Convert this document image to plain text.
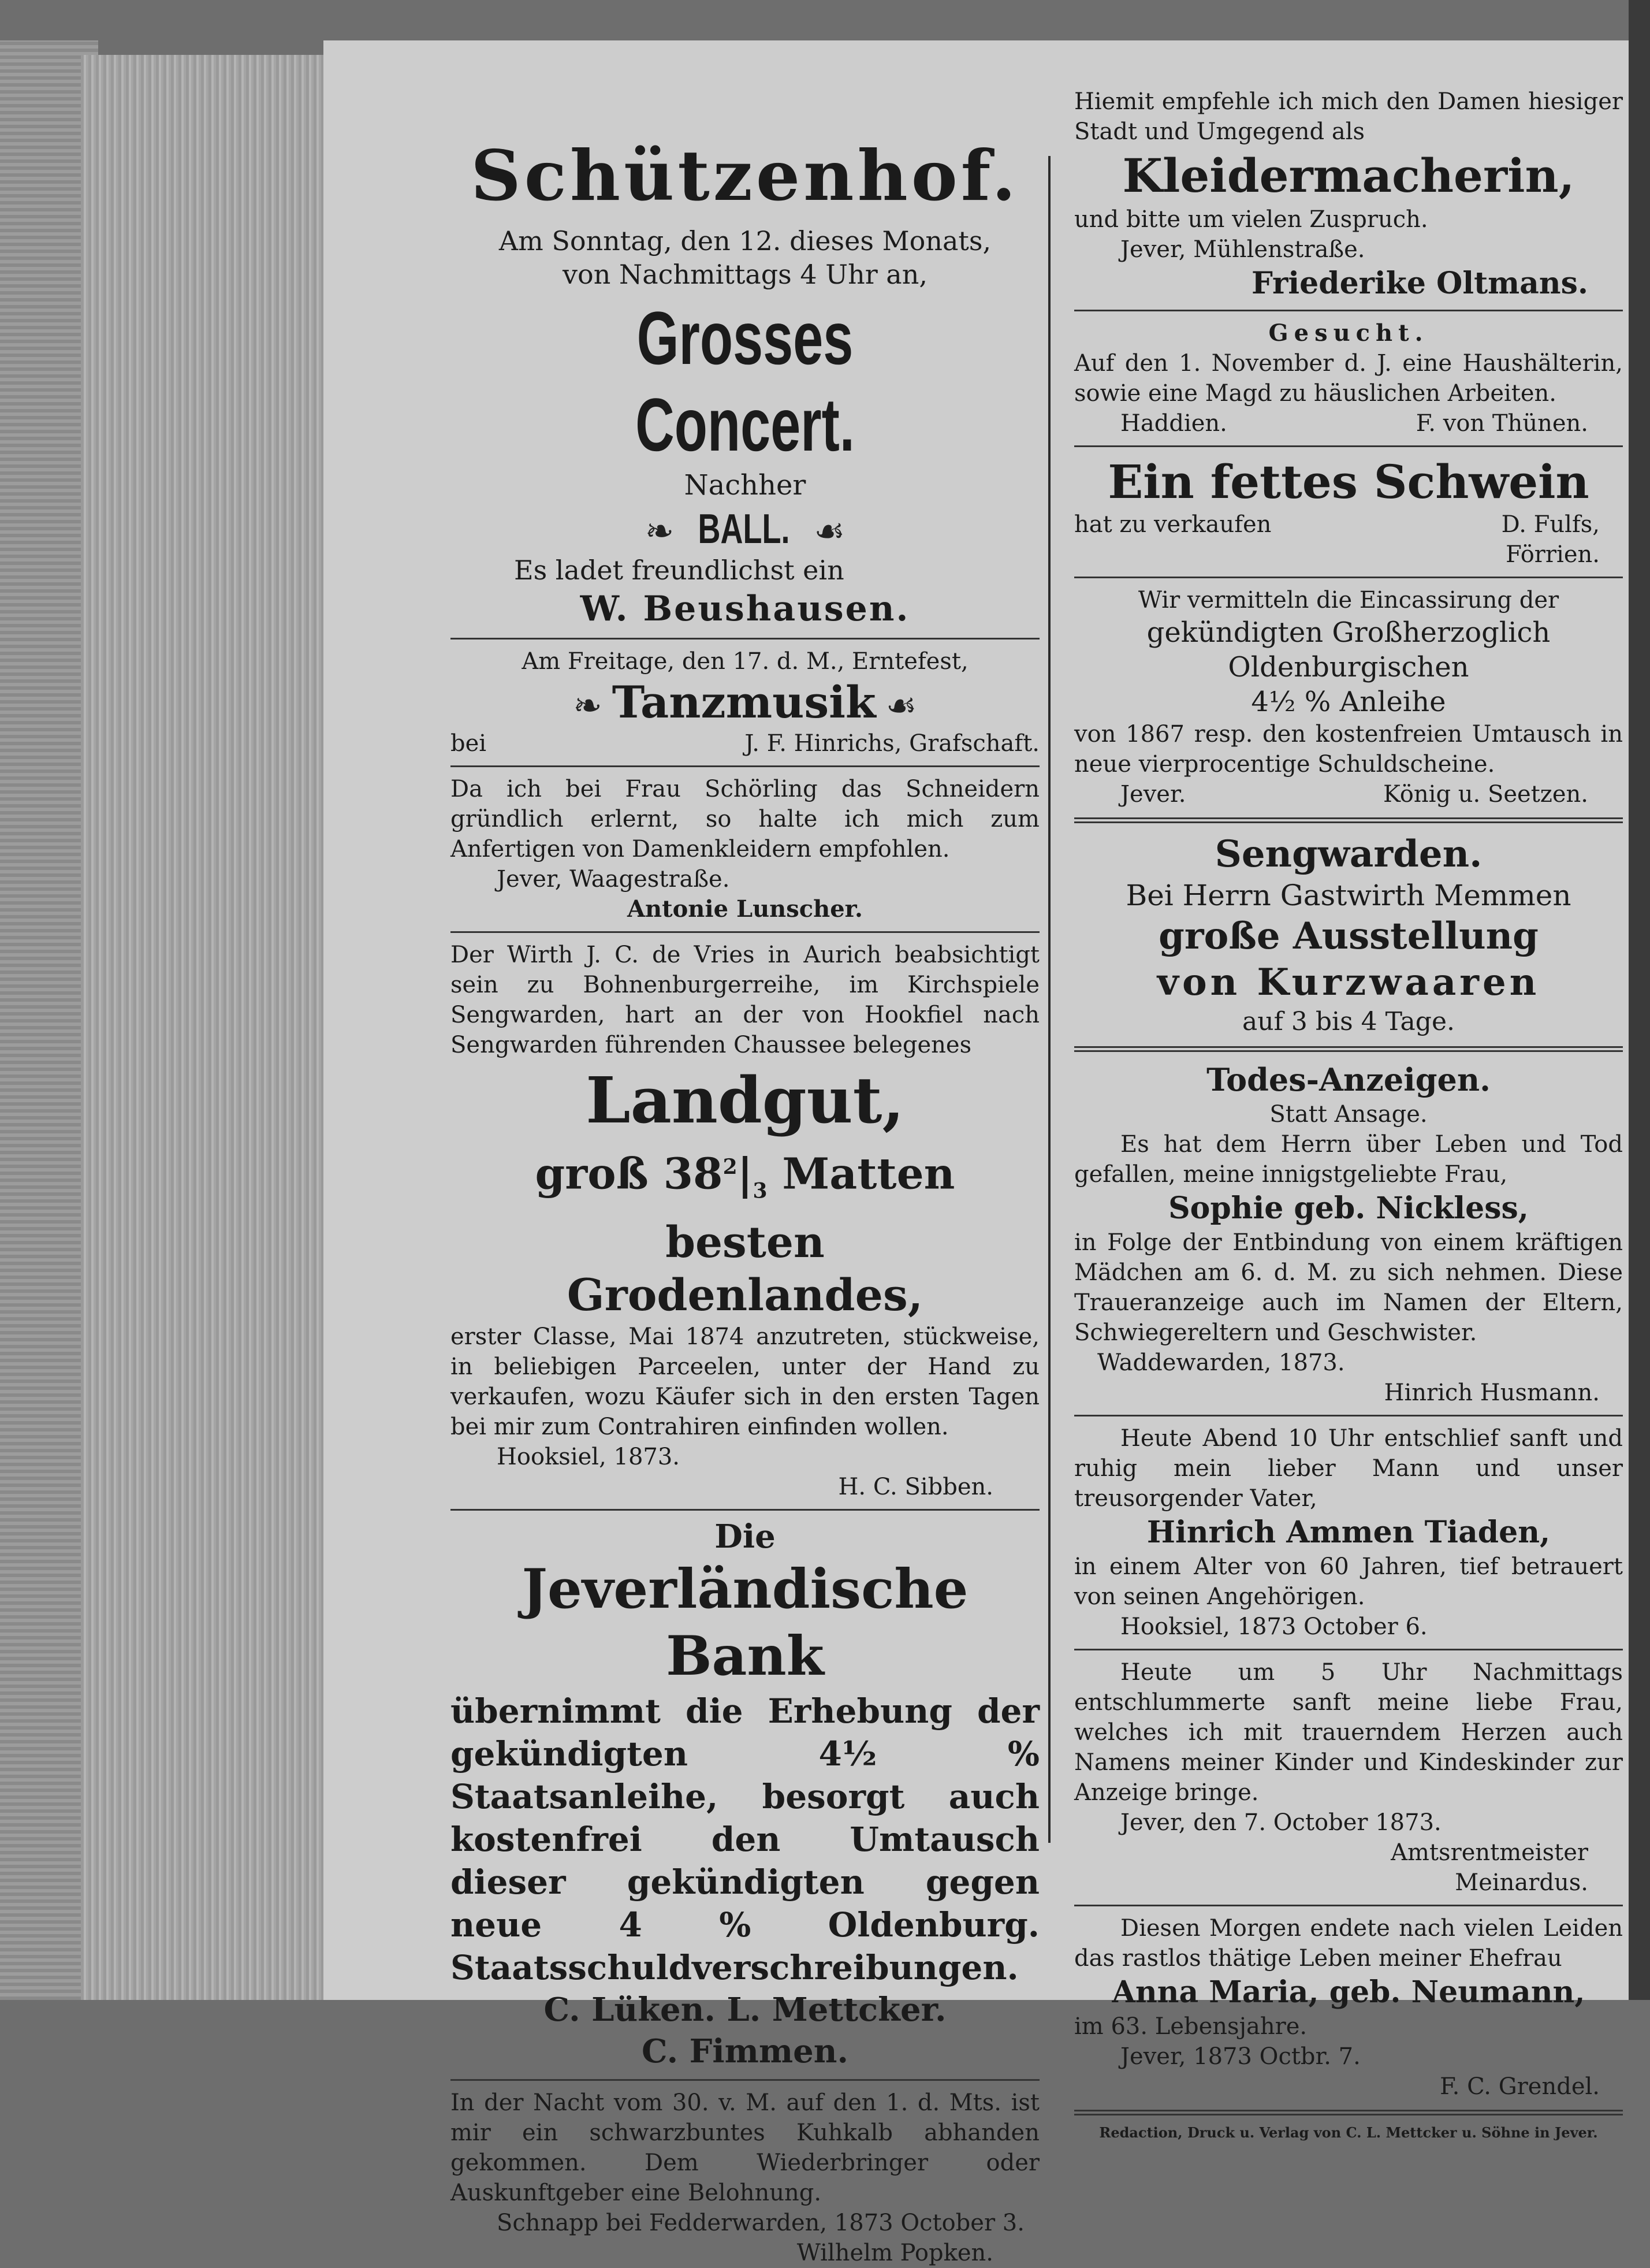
Schützenhof.
Am Sonntag, den 12. dieses Monats,
von Nachmittags 4 Uhr an,
Grosses Concert.
Nachher
❧ BALL. ☙
Es ladet freundlichst ein
W. Beushausen.
Am Freitage, den 17. d. M., Erntefest,
❧ Tanzmusik ☙
bei	J. F. Hinrichs, Grafschaft.
Da ich bei Frau Schörling das Schneidern gründlich erlernt, so halte ich mich zum Anfertigen von Damenkleidern empfohlen.
Jever, Waagestraße.
Antonie Lunscher.
Der Wirth J. C. de Vries in Aurich beabsichtigt sein zu Bohnenburgerreihe, im Kirchspiele Sengwarden, hart an der von Hookfiel nach Sengwarden führenden Chaussee belegenes
Landgut,
groß $38^2|_3$ Matten besten
Grodenlandes,
erster Classe, Mai 1874 anzutreten, stückweise, in beliebigen Parceelen, unter der Hand zu verkaufen, wozu Käufer sich in den ersten Tagen bei mir zum Contrahiren einfinden wollen.
Hooksiel, 1873.
H. C. Sibben.
Die
Jeverländische Bank
übernimmt die Erhebung der gekündigten 4½ % Staatsanleihe, besorgt auch kostenfrei den Umtausch dieser gekündigten gegen neue 4 % Oldenburg. Staatsschuldverschreibungen.
C. Lüken. L. Mettcker.
C. Fimmen.
In der Nacht vom 30. v. M. auf den 1. d. Mts. ist mir ein schwarzbuntes Kuhkalb abhanden gekommen. Dem Wiederbringer oder Auskunftgeber eine Belohnung.
Schnapp bei Fedderwarden, 1873 October 3.
Wilhelm Popken.
Hiemit empfehle ich mich den Damen hiesiger Stadt und Umgegend als
Kleidermacherin,
und bitte um vielen Zuspruch.
Jever, Mühlenstraße.
Friederike Oltmans.
Gesucht.
Auf den 1. November d. J. eine Haushälterin, sowie eine Magd zu häuslichen Arbeiten.
Haddien.	F. von Thünen.
Ein fettes Schwein
hat zu verkaufen	D. Fulfs,
Förrien.
Wir vermitteln die Eincassirung der
gekündigten Großherzoglich Oldenburgischen
4½ % Anleihe
von 1867 resp. den kostenfreien Umtausch in neue vierprocentige Schuldscheine.
Jever.	König u. Seetzen.
Sengwarden.
Bei Herrn Gastwirth Memmen
große Ausstellung
von Kurzwaaren
auf 3 bis 4 Tage.
Todes-Anzeigen.
Statt Ansage.
Es hat dem Herrn über Leben und Tod gefallen, meine innigstgeliebte Frau,
Sophie geb. Nickless,
in Folge der Entbindung von einem kräftigen Mädchen am 6. d. M. zu sich nehmen. Diese Traueranzeige auch im Namen der Eltern, Schwiegereltern und Geschwister.
Waddewarden, 1873.
Hinrich Husmann.
Heute Abend 10 Uhr entschlief sanft und ruhig mein lieber Mann und unser treusorgender Vater,
Hinrich Ammen Tiaden,
in einem Alter von 60 Jahren, tief betrauert von seinen Angehörigen.
Hooksiel, 1873 October 6.
Heute um 5 Uhr Nachmittags entschlummerte sanft meine liebe Frau, welches ich mit trauerndem Herzen auch Namens meiner Kinder und Kindeskinder zur Anzeige bringe.
Jever, den 7. October 1873.
Amtsrentmeister
Meinardus.
Diesen Morgen endete nach vielen Leiden das rastlos thätige Leben meiner Ehefrau
Anna Maria, geb. Neumann,
im 63. Lebensjahre.
Jever, 1873 Octbr. 7.
F. C. Grendel.
Redaction, Druck u. Verlag von C. L. Mettcker u. Söhne in Jever.
